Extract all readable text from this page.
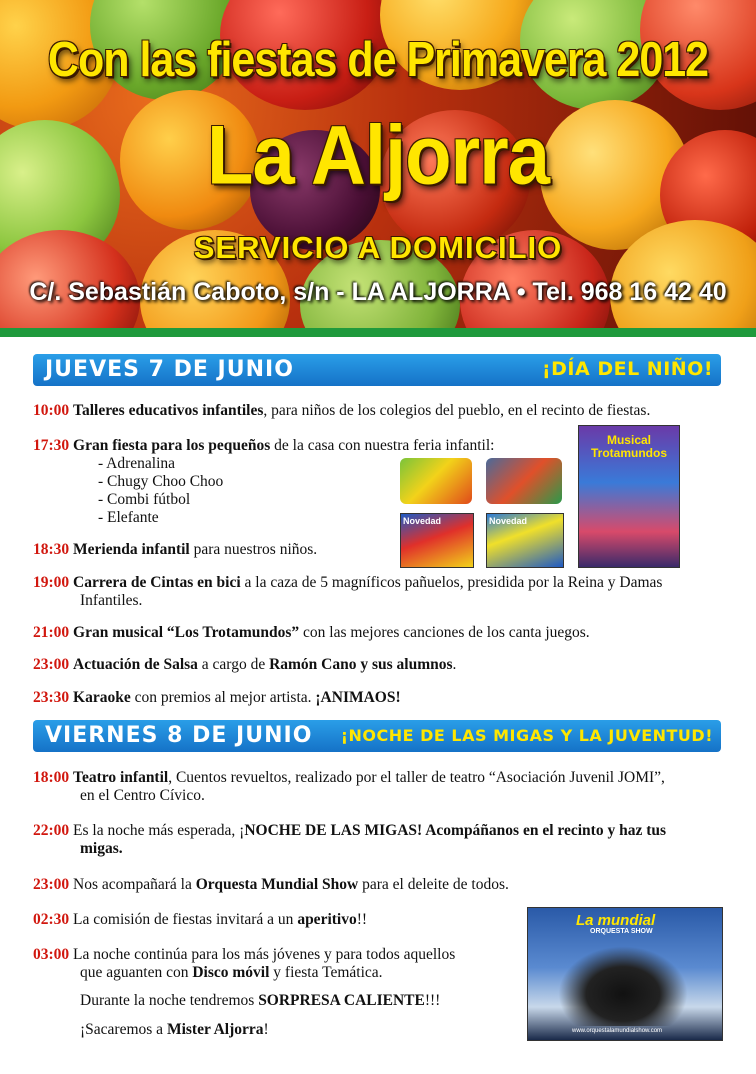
Con las fiestas de Primavera 2012
La Aljorra
SERVICIO A DOMICILIO
C/. Sebastián Caboto, s/n - LA ALJORRA • Tel. 968 16 42 40
JUEVES 7 DE JUNIO	¡DÍA DEL NIÑO!
10:00 Talleres educativos infantiles, para niños de los colegios del pueblo, en el recinto de fiestas.
17:30 Gran fiesta para los pequeños de la casa con nuestra feria infantil:
- Adrenalina
- Chugy Choo Choo
- Combi fútbol
- Elefante	Novedad	Novedad
Musical Trotamundos
18:30 Merienda infantil para nuestros niños.
19:00 Carrera de Cintas en bici a la caza de 5 magníficos pañuelos, presidida por la Reina y Damas
Infantiles.
21:00 Gran musical “Los Trotamundos” con las mejores canciones de los canta juegos.
23:00 Actuación de Salsa a cargo de Ramón Cano y sus alumnos.
23:30 Karaoke con premios al mejor artista. ¡ANIMAOS!
VIERNES 8 DE JUNIO ¡NOCHE DE LAS MIGAS Y LA JUVENTUD!
18:00 Teatro infantil, Cuentos revueltos, realizado por el taller de teatro “Asociación Juvenil JOMI”,
en el Centro Cívico.
22:00 Es la noche más esperada, ¡NOCHE DE LAS MIGAS! Acompáñanos en el recinto y haz tus
migas.
23:00 Nos acompañará la Orquesta Mundial Show para el deleite de todos.
02:30 La comisión de fiestas invitará a un aperitivo!!
03:00 La noche continúa para los más jóvenes y para todos aquellos
que aguanten con Disco móvil y fiesta Temática.
Durante la noche tendremos SORPRESA CALIENTE!!!
¡Sacaremos a Mister Aljorra!
La mundial
ORQUESTA SHOW
www.orquestalamundialshow.com
